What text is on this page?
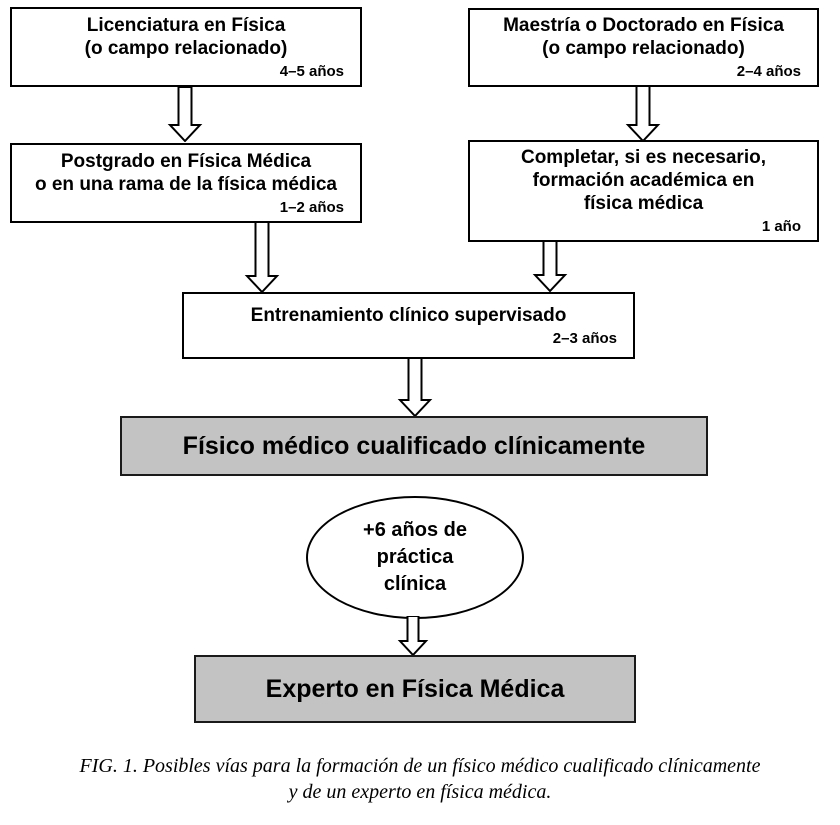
Licenciatura en Física
(o campo relacionado)
4–5 años
Maestría o Doctorado en Física
(o campo relacionado)
2–4 años
Postgrado en Física Médica
o en una rama de la física médica
1–2 años
Completar, si es necesario,
formación académica en
física médica
1 año
Entrenamiento clínico supervisado
2–3 años
Físico médico cualificado clínicamente
+6 años de
práctica
clínica
Experto en Física Médica
FIG. 1. Posibles vías para la formación de un físico médico cualificado clínicamente
y de un experto en física médica.
